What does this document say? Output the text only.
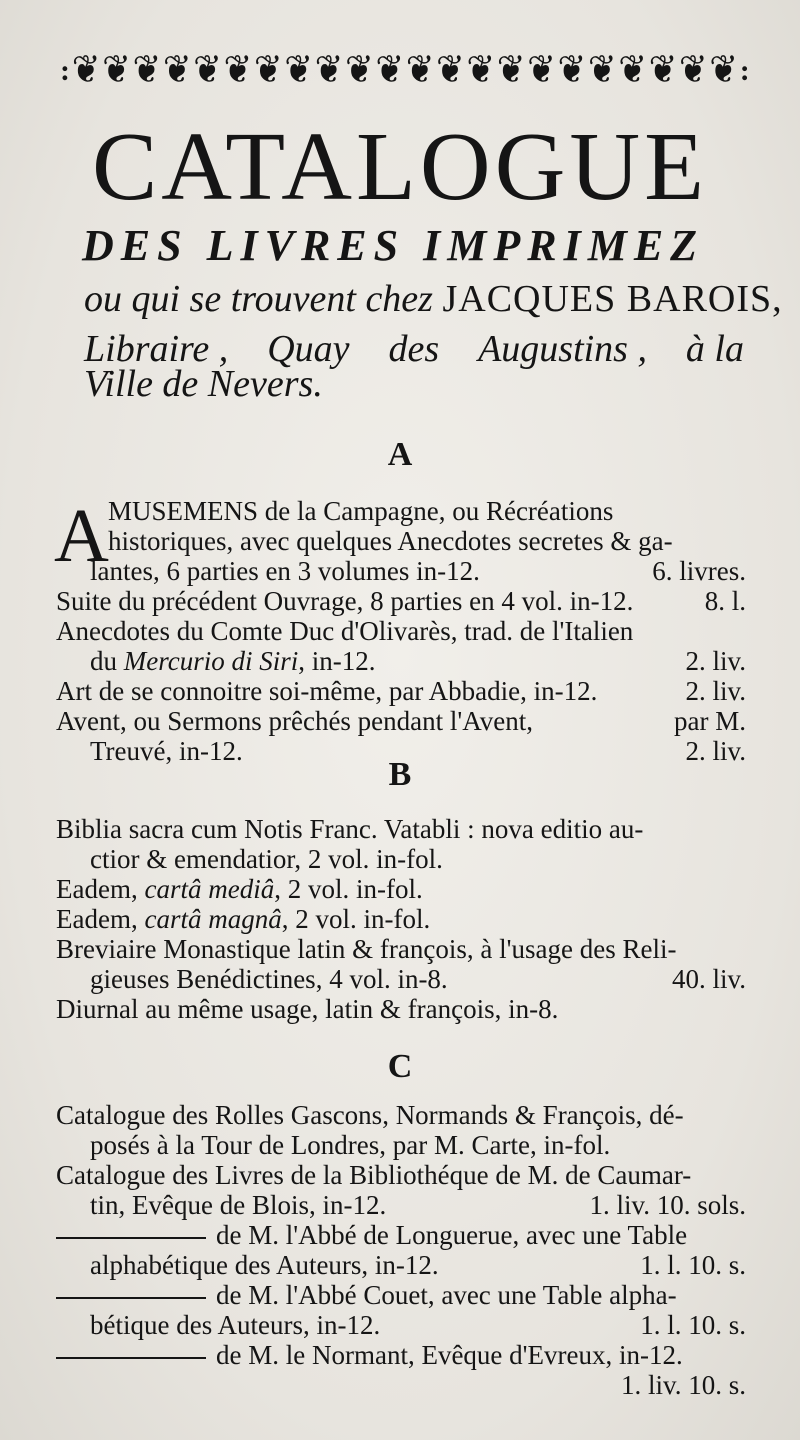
: ❦ ❦ ❦ ❦ ❦ ❦ ❦ ❦ ❦ ❦ ❦ ❦ ❦ ❦ ❦ ❦ ❦ ❦ ❦ ❦ ❦ ❦ :
CATALOGUE
DES LIVRES IMPRIMEZ
ou qui se trouvent chez JACQUES BAROIS,
Libraire , Quay des Augustins , à la
Ville de Nevers.
A
A MUSEMENS de la Campagne, ou Récréations
historiques, avec quelques Anecdotes secretes & ga-
lantes, 6 parties en 3 volumes in-12.	6. livres.
Suite du précédent Ouvrage, 8 parties en 4 vol. in-12.	8. l.
Anecdotes du Comte Duc d'Olivarès, trad. de l'Italien
du Mercurio di Siri, in-12.	2. liv.
Art de se connoitre soi-même, par Abbadie, in-12.	2. liv.
Avent, ou Sermons prêchés pendant l'Avent,	par M.
Treuvé, in-12.	2. liv.
B
Biblia sacra cum Notis Franc. Vatabli : nova editio au-
ctior & emendatior, 2 vol. in-fol.
Eadem, cartâ mediâ, 2 vol. in-fol.
Eadem, cartâ magnâ, 2 vol. in-fol.
Breviaire Monastique latin & françois, à l'usage des Reli-
gieuses Benédictines, 4 vol. in-8.	40. liv.
Diurnal au même usage, latin & françois, in-8.
C
Catalogue des Rolles Gascons, Normands & François, dé-
posés à la Tour de Londres, par M. Carte, in-fol.
Catalogue des Livres de la Bibliothéque de M. de Caumar-
tin, Evêque de Blois, in-12.	1. liv. 10. sols.
de M. l'Abbé de Longuerue, avec une Table
alphabétique des Auteurs, in-12.	1. l. 10. s.
de M. l'Abbé Couet, avec une Table alpha-
bétique des Auteurs, in-12.	1. l. 10. s.
de M. le Normant, Evêque d'Evreux, in-12.
1. liv. 10. s.
